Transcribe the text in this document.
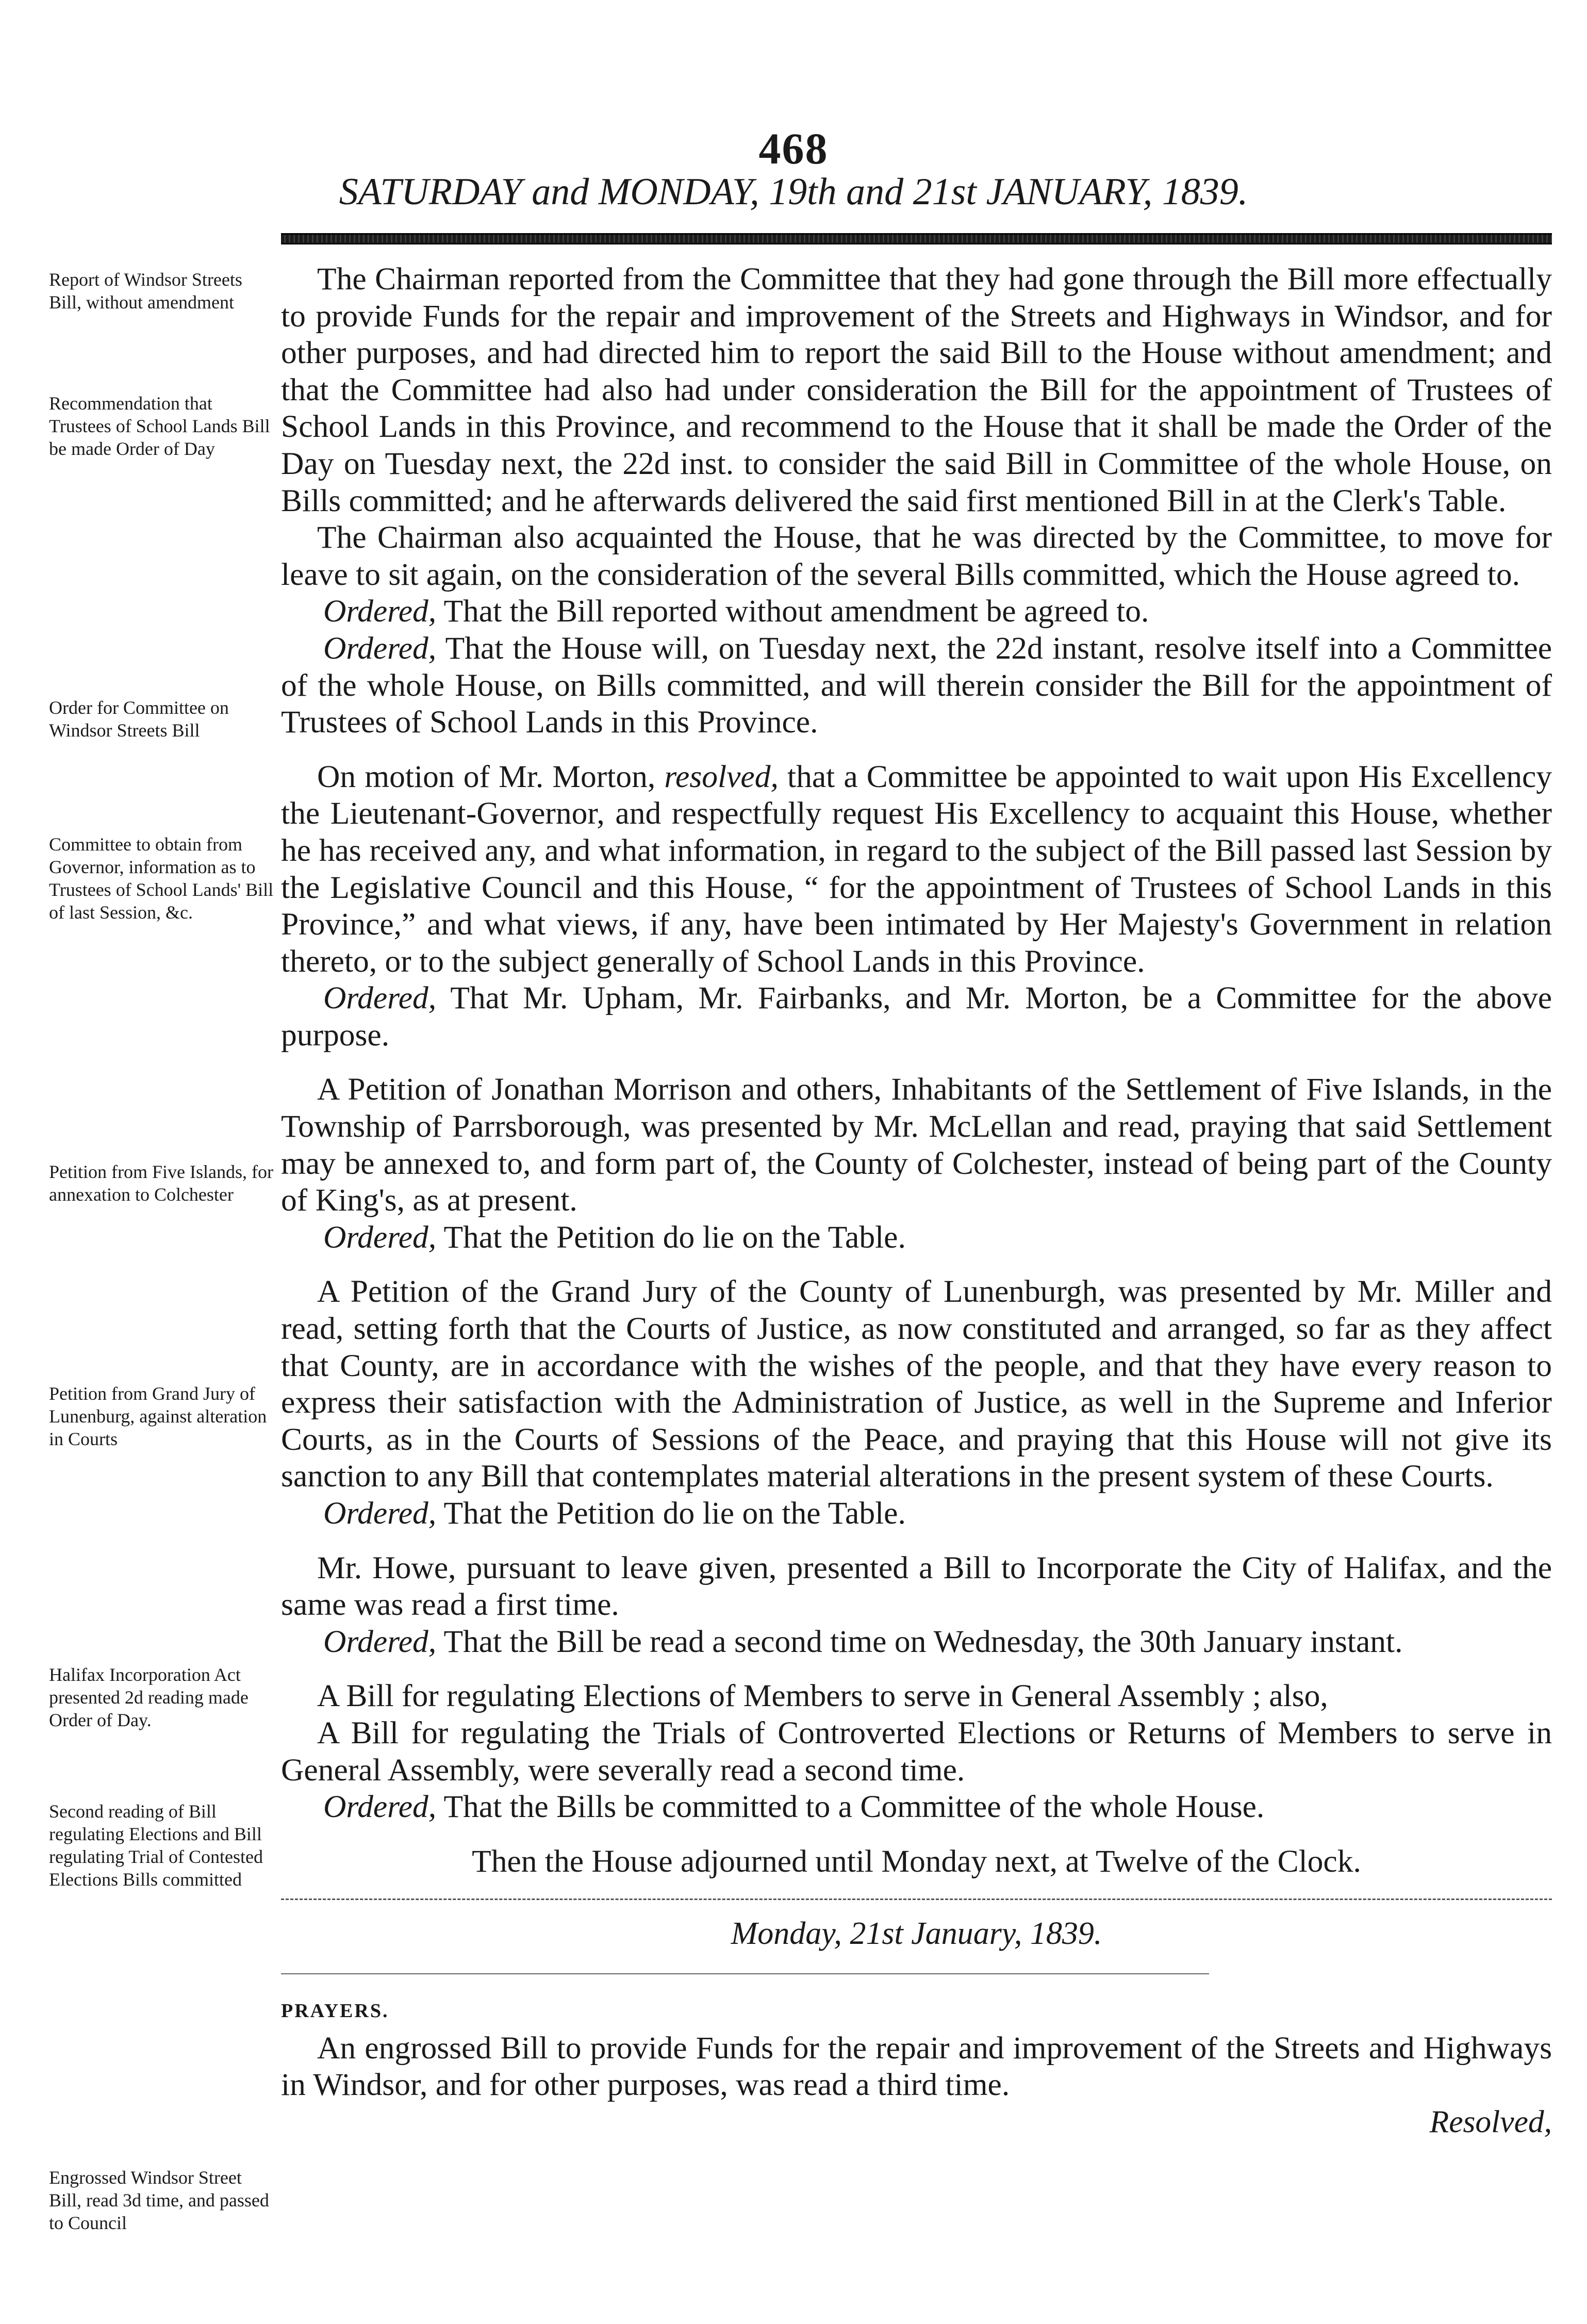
468
SATURDAY and MONDAY, 19th and 21st JANUARY, 1839.
Report of Windsor Streets Bill, without amendment
Recommendation that Trustees of School Lands Bill be made Order of Day
Order for Committee on Windsor Streets Bill
Committee to obtain from Governor, information as to Trustees of School Lands' Bill of last Session, &c.
Petition from Five Islands, for annexation to Colchester
Petition from Grand Jury of Lunenburg, against alteration in Courts
Halifax Incorporation Act presented 2d reading made Order of Day.
Second reading of Bill regulating Elections and Bill regulating Trial of Contested Elections Bills committed
Engrossed Windsor Street Bill, read 3d time, and passed to Council

The Chairman reported from the Committee that they had gone through the Bill more effectually to provide Funds for the repair and improvement of the Streets and Highways in Windsor, and for other purposes, and had directed him to report the said Bill to the House without amendment; and that the Committee had also had under consideration the Bill for the appointment of Trustees of School Lands in this Province, and recommend to the House that it shall be made the Order of the Day on Tuesday next, the 22d inst. to consider the said Bill in Committee of the whole House, on Bills committed; and he afterwards delivered the said first mentioned Bill in at the Clerk's Table.

The Chairman also acquainted the House, that he was directed by the Committee, to move for leave to sit again, on the consideration of the several Bills committed, which the House agreed to.

Ordered, That the Bill reported without amendment be agreed to.

Ordered, That the House will, on Tuesday next, the 22d instant, resolve itself into a Committee of the whole House, on Bills committed, and will therein consider the Bill for the appointment of Trustees of School Lands in this Province.

On motion of Mr. Morton, resolved, that a Committee be appointed to wait upon His Excellency the Lieutenant-Governor, and respectfully request His Excellency to acquaint this House, whether he has received any, and what information, in regard to the subject of the Bill passed last Session by the Legislative Council and this House, “ for the appointment of Trustees of School Lands in this Province,” and what views, if any, have been intimated by Her Majesty's Government in relation thereto, or to the subject generally of School Lands in this Province.

Ordered, That Mr. Upham, Mr. Fairbanks, and Mr. Morton, be a Committee for the above purpose.

A Petition of Jonathan Morrison and others, Inhabitants of the Settlement of Five Islands, in the Township of Parrsborough, was presented by Mr. McLellan and read, praying that said Settlement may be annexed to, and form part of, the County of Colchester, instead of being part of the County of King's, as at present.

Ordered, That the Petition do lie on the Table.

A Petition of the Grand Jury of the County of Lunenburgh, was presented by Mr. Miller and read, setting forth that the Courts of Justice, as now constituted and arranged, so far as they affect that County, are in accordance with the wishes of the people, and that they have every reason to express their satisfaction with the Administration of Justice, as well in the Supreme and Inferior Courts, as in the Courts of Sessions of the Peace, and praying that this House will not give its sanction to any Bill that contemplates material alterations in the present system of these Courts.

Ordered, That the Petition do lie on the Table.

Mr. Howe, pursuant to leave given, presented a Bill to Incorporate the City of Halifax, and the same was read a first time.

Ordered, That the Bill be read a second time on Wednesday, the 30th January instant.

A Bill for regulating Elections of Members to serve in General Assembly ; also,

A Bill for regulating the Trials of Controverted Elections or Returns of Members to serve in General Assembly, were severally read a second time.

Ordered, That the Bills be committed to a Committee of the whole House.

Then the House adjourned until Monday next, at Twelve of the Clock.

Monday, 21st January, 1839.

PRAYERS.

An engrossed Bill to provide Funds for the repair and improvement of the Streets and Highways in Windsor, and for other purposes, was read a third time.

Resolved,
